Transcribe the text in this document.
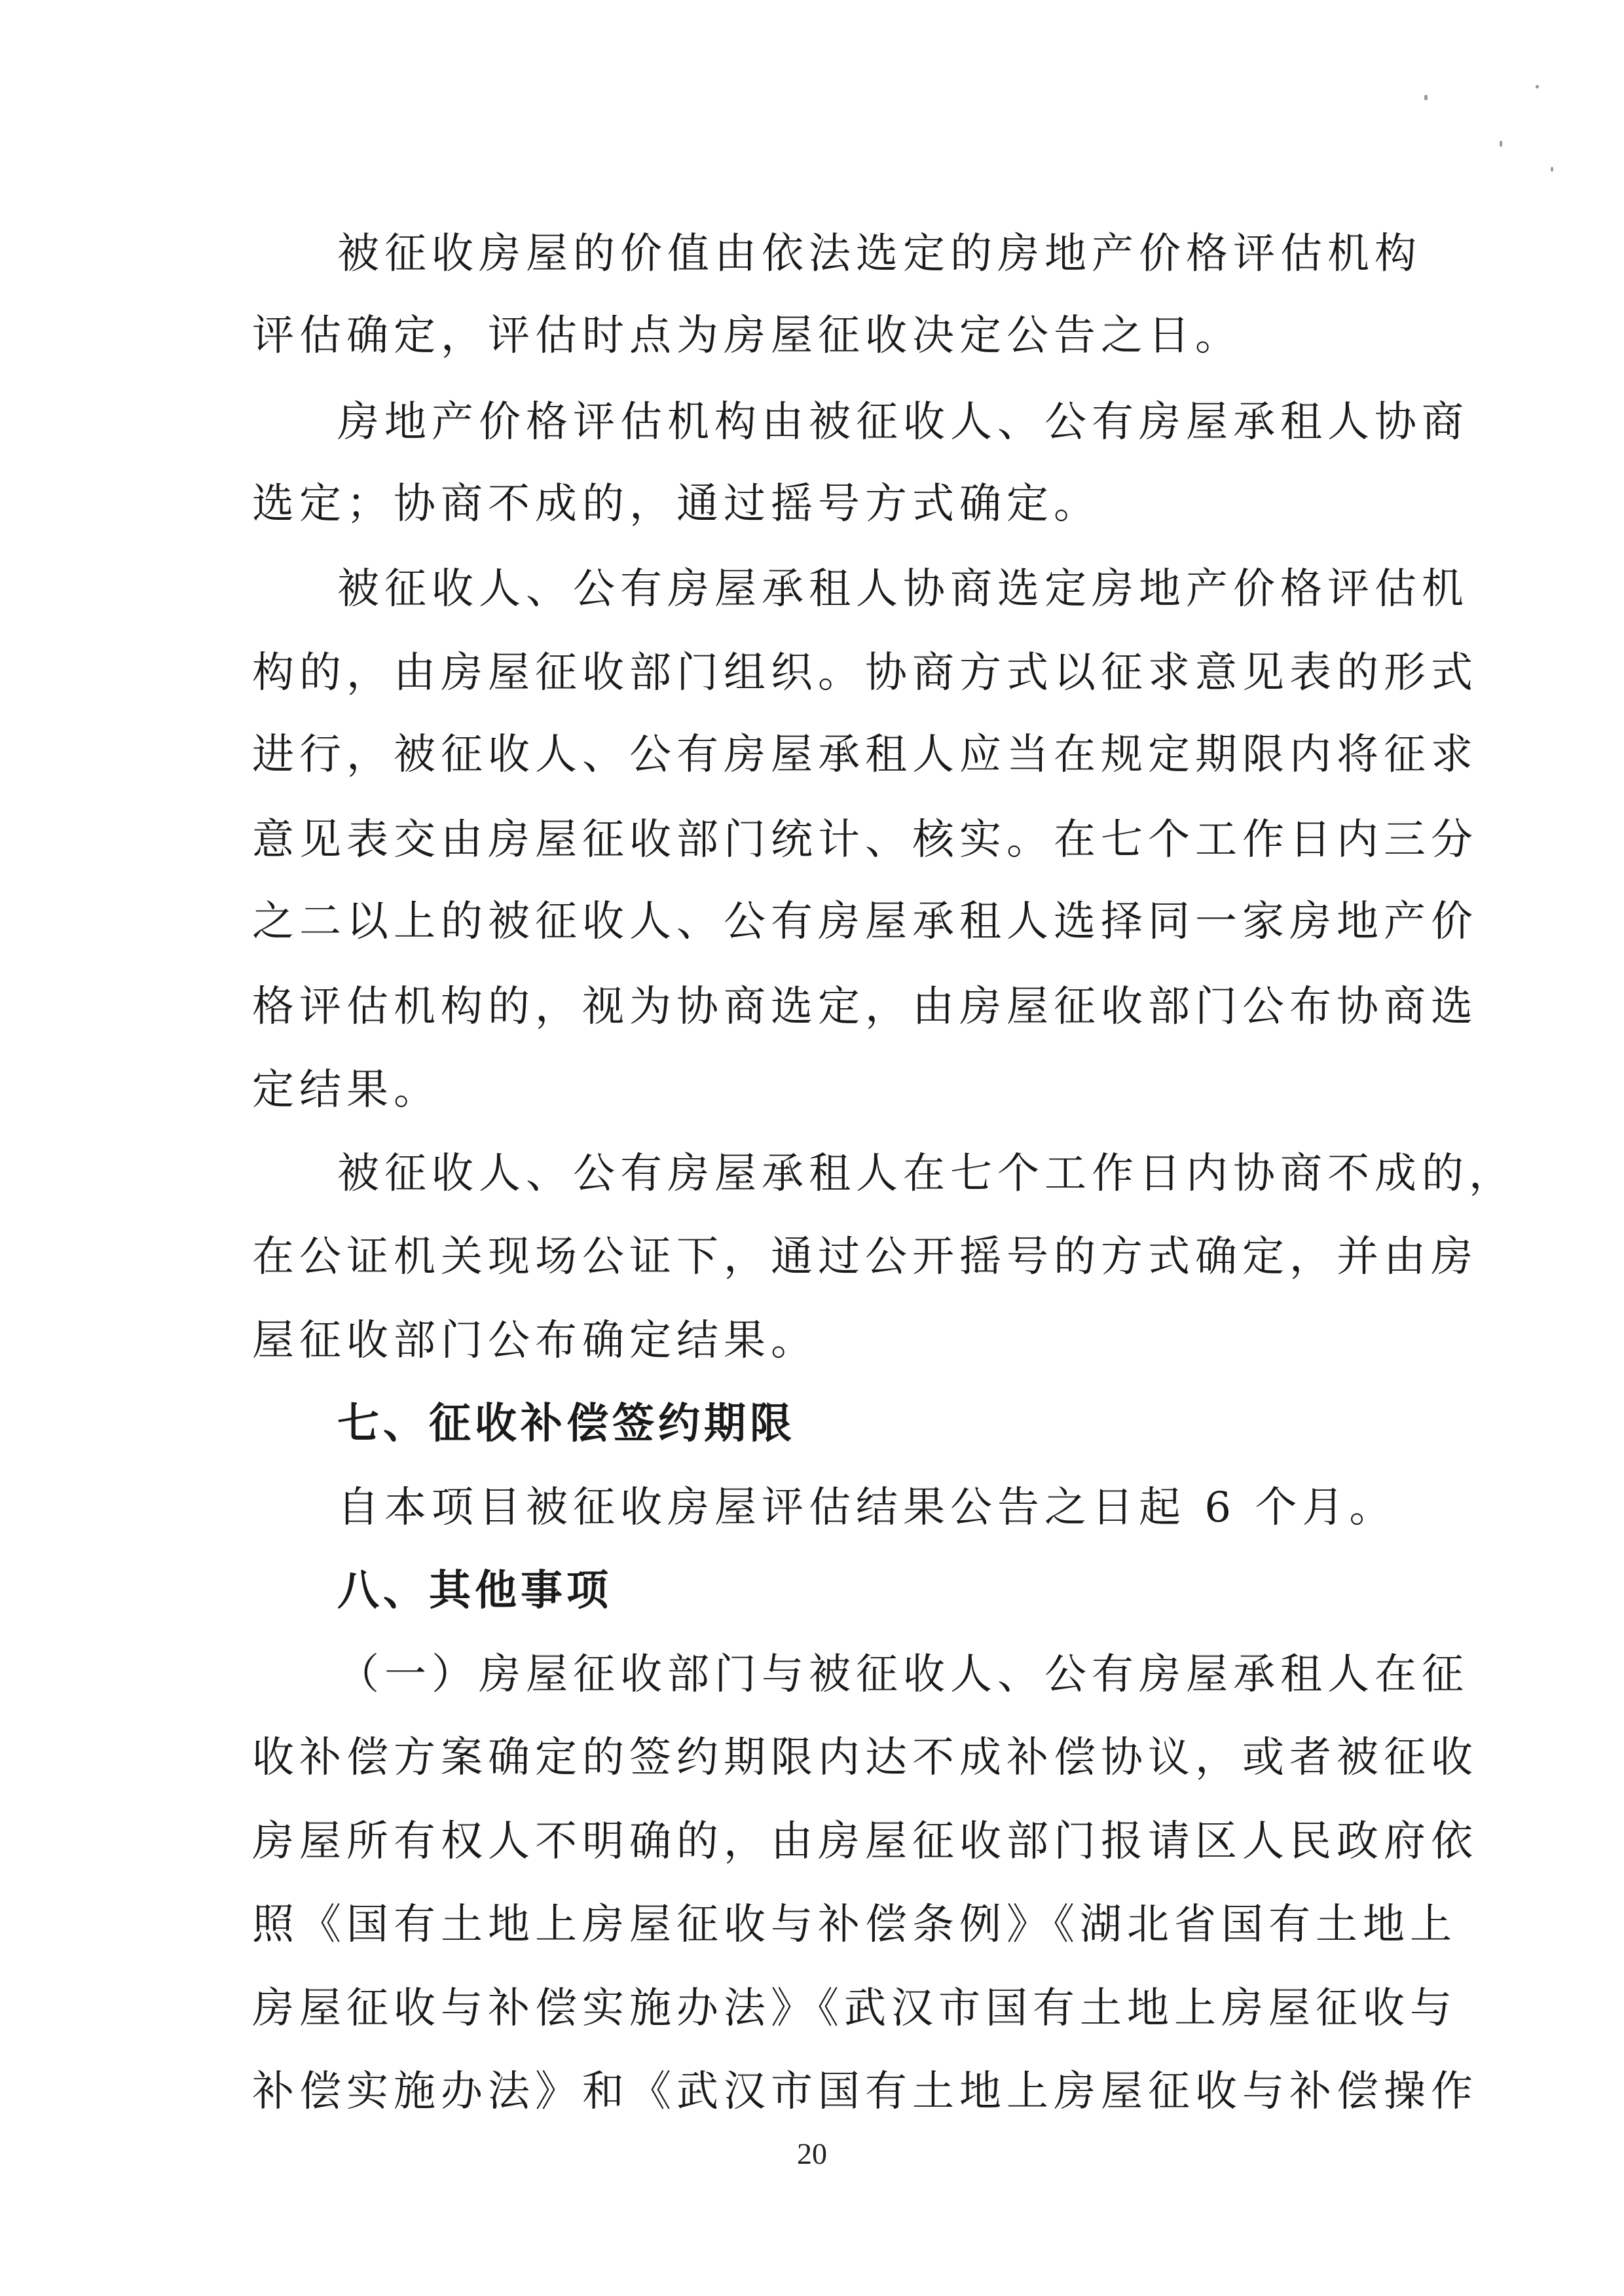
被征收房屋的价值由依法选定的房地产价格评估机构
评估确定，评估时点为房屋征收决定公告之日。
房地产价格评估机构由被征收人、公有房屋承租人协商
选定；协商不成的，通过摇号方式确定。
被征收人、公有房屋承租人协商选定房地产价格评估机
构的，由房屋征收部门组织。协商方式以征求意见表的形式
进行，被征收人、公有房屋承租人应当在规定期限内将征求
意见表交由房屋征收部门统计、核实。在七个工作日内三分
之二以上的被征收人、公有房屋承租人选择同一家房地产价
格评估机构的，视为协商选定，由房屋征收部门公布协商选
定结果。
被征收人、公有房屋承租人在七个工作日内协商不成的，
在公证机关现场公证下，通过公开摇号的方式确定，并由房
屋征收部门公布确定结果。
七、征收补偿签约期限
自本项目被征收房屋评估结果公告之日起 6 个月。
八、其他事项
（一）房屋征收部门与被征收人、公有房屋承租人在征
收补偿方案确定的签约期限内达不成补偿协议，或者被征收
房屋所有权人不明确的，由房屋征收部门报请区人民政府依
照《国有土地上房屋征收与补偿条例》《湖北省国有土地上
房屋征收与补偿实施办法》《武汉市国有土地上房屋征收与
补偿实施办法》和《武汉市国有土地上房屋征收与补偿操作
20
